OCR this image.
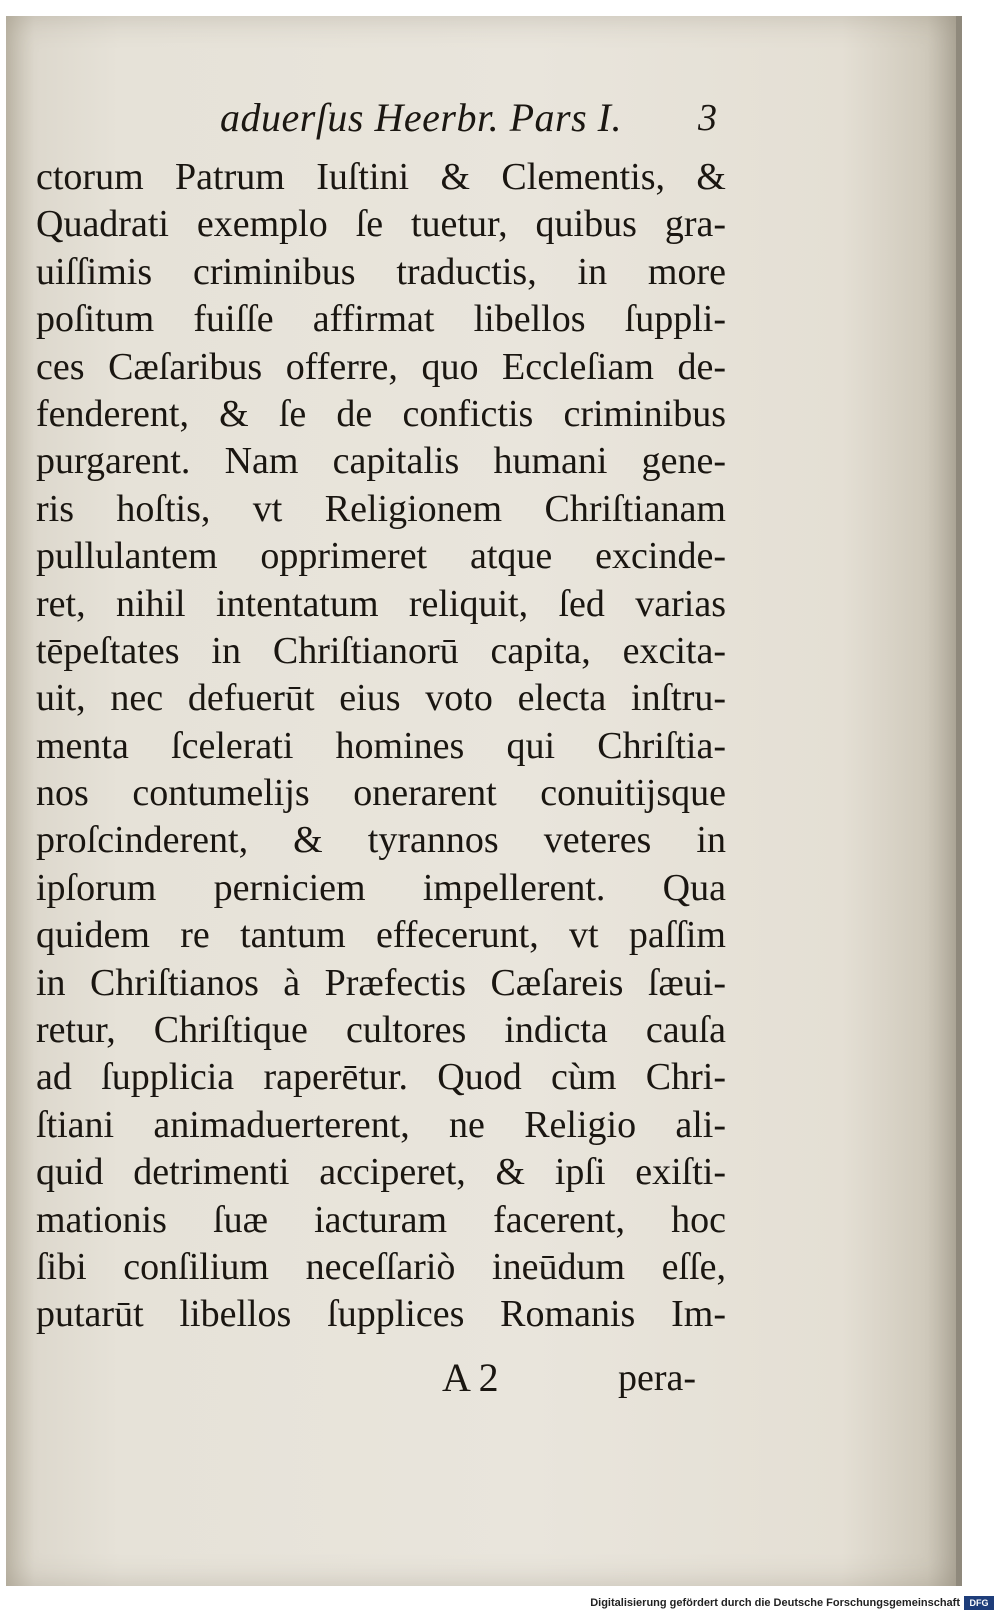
aduerſus Heerbr. Pars I. 3
ctorum Patrum Iuſtini & Clementis, &
Quadrati exemplo ſe tuetur, quibus gra-
uiſſimis criminibus traductis, in more
poſitum fuiſſe affirmat libellos ſuppli-
ces Cæſaribus offerre, quo Eccleſiam de-
fenderent, & ſe de confictis criminibus
purgarent. Nam capitalis humani gene-
ris hoſtis, vt Religionem Chriſtianam
pullulantem opprimeret atque excinde-
ret, nihil intentatum reliquit, ſed varias
tēpeſtates in Chriſtianorū capita, excita-
uit, nec defuerūt eius voto electa inſtru-
menta ſcelerati homines qui Chriſtia-
nos contumelijs onerarent conuitijsque
proſcinderent, & tyrannos veteres in
ipſorum perniciem impellerent. Qua
quidem re tantum effecerunt, vt paſſim
in Chriſtianos à Præfectis Cæſareis ſæui-
retur, Chriſtique cultores indicta cauſa
ad ſupplicia raperētur. Quod cùm Chri-
ſtiani animaduerterent, ne Religio ali-
quid detrimenti acciperet, & ipſi exiſti-
mationis ſuæ iacturam facerent, hoc
ſibi conſilium neceſſariò ineūdum eſſe,
putarūt libellos ſupplices Romanis Im-
A 2	pera-
Digitalisierung gefördert durch die Deutsche Forschungsgemeinschaft	DFG
